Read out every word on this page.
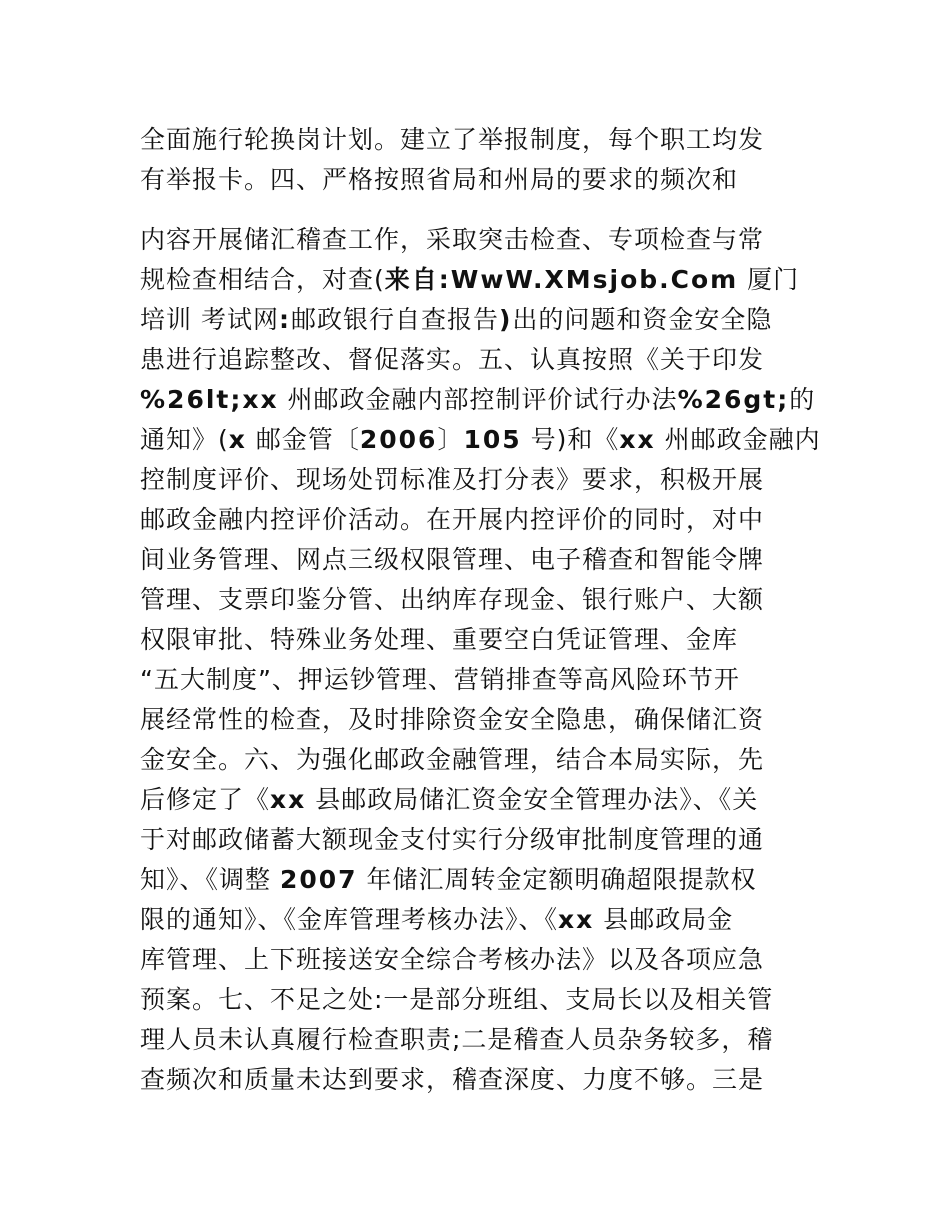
全面施行轮换岗计划。建立了举报制度，每个职工均发

有举报卡。四、严格按照省局和州局的要求的频次和

内容开展储汇稽查工作，采取突击检查、专项检查与常

规检查相结合，对查(来自:WwW.XMsjob.Com 厦门

培训 考试网:邮政银行自查报告)出的问题和资金安全隐

患进行追踪整改、督促落实。五、认真按照《关于印发

%26lt;xx 州邮政金融内部控制评价试行办法%26gt;的

通知》(x 邮金管〔2006〕105 号)和《xx 州邮政金融内

控制度评价、现场处罚标准及打分表》要求，积极开展

邮政金融内控评价活动。在开展内控评价的同时，对中

间业务管理、网点三级权限管理、电子稽查和智能令牌

管理、支票印鉴分管、出纳库存现金、银行账户、大额

权限审批、特殊业务处理、重要空白凭证管理、金库

“五大制度”、押运钞管理、营销排查等高风险环节开

展经常性的检查，及时排除资金安全隐患，确保储汇资

金安全。六、为强化邮政金融管理，结合本局实际，先

后修定了《xx 县邮政局储汇资金安全管理办法》、《关

于对邮政储蓄大额现金支付实行分级审批制度管理的通

知》、《调整 2007 年储汇周转金定额明确超限提款权

限的通知》、《金库管理考核办法》、《xx 县邮政局金

库管理、上下班接送安全综合考核办法》以及各项应急

预案。七、不足之处:一是部分班组、支局长以及相关管

理人员未认真履行检查职责;二是稽查人员杂务较多，稽

查频次和质量未达到要求，稽查深度、力度不够。三是
